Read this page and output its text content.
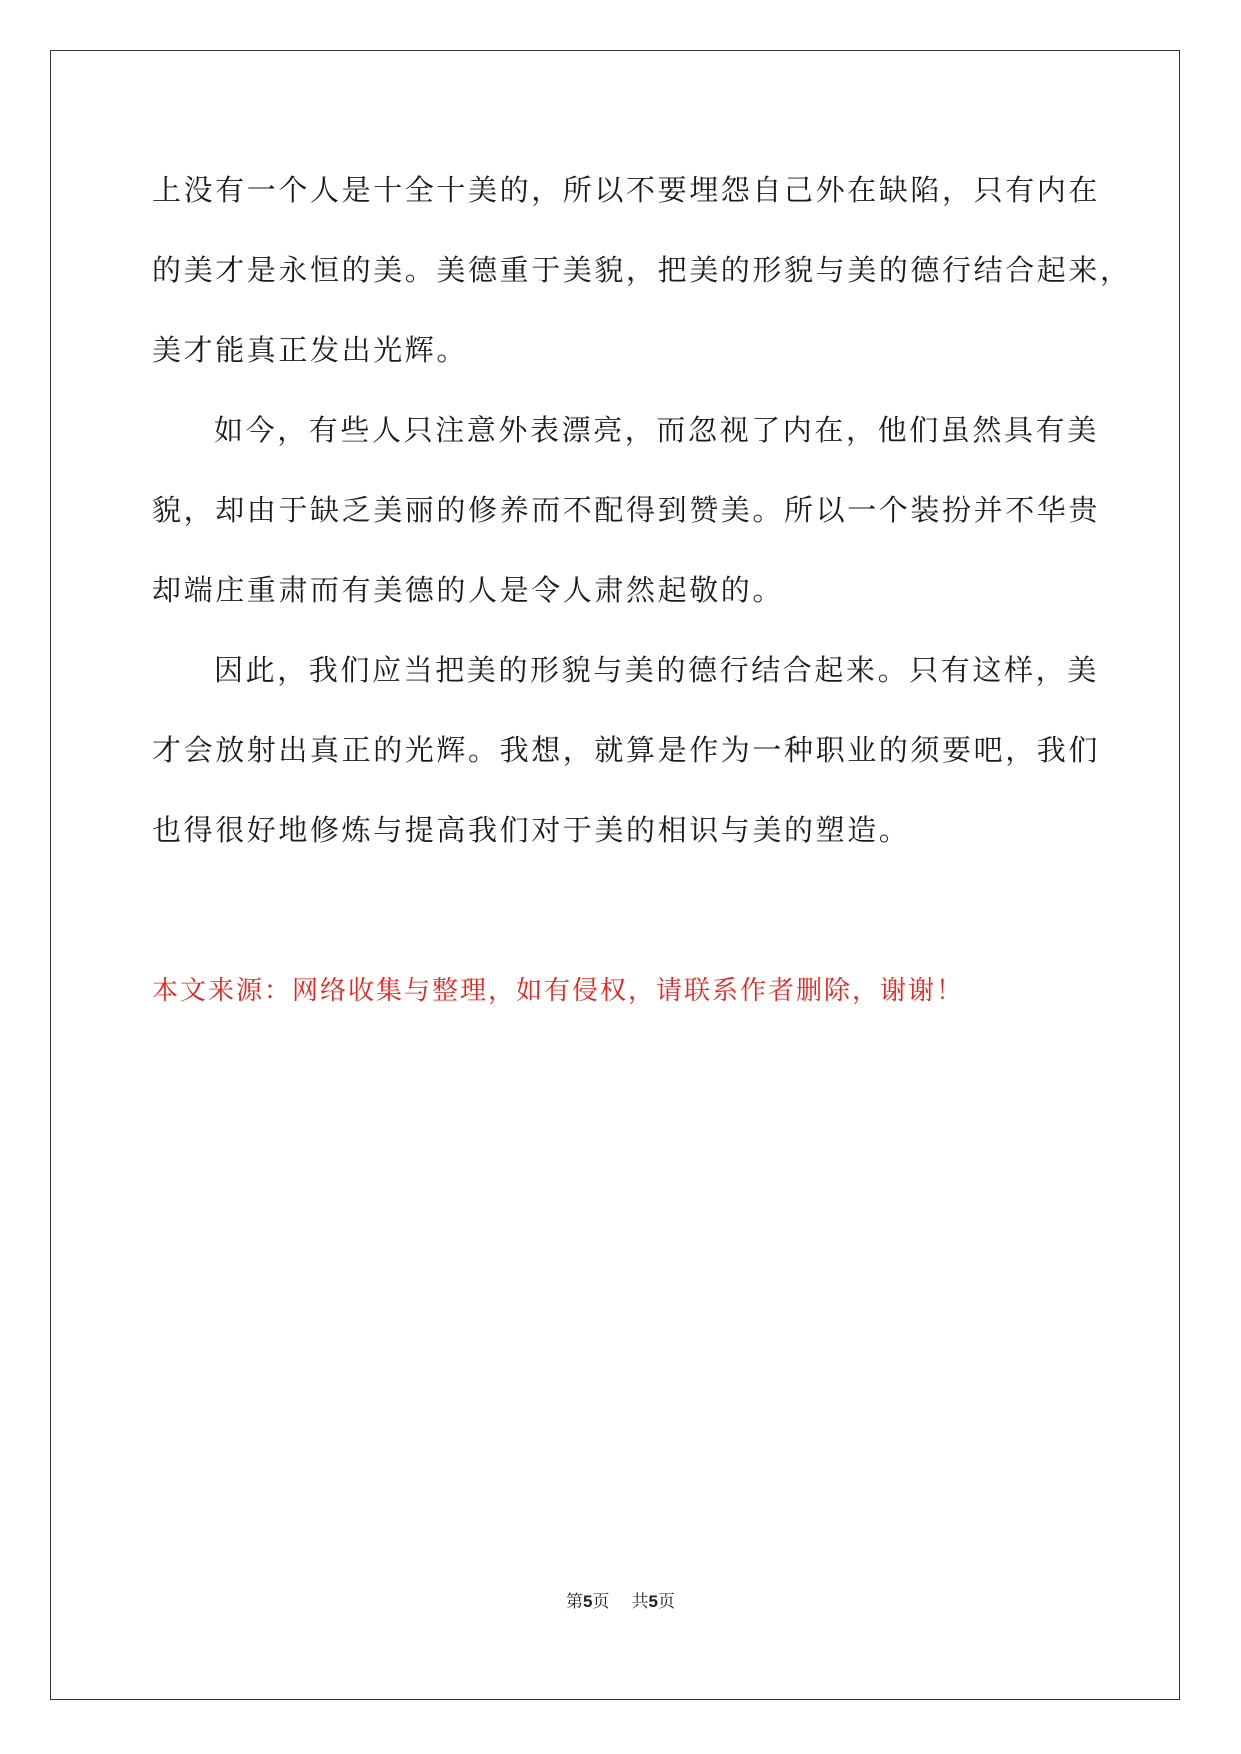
上没有一个人是十全十美的，所以不要埋怨自己外在缺陷，只有内在
的美才是永恒的美。美德重于美貌，把美的形貌与美的德行结合起来，
美才能真正发出光辉。
如今，有些人只注意外表漂亮，而忽视了内在，他们虽然具有美
貌，却由于缺乏美丽的修养而不配得到赞美。所以一个装扮并不华贵
却端庄重肃而有美德的人是令人肃然起敬的。
因此，我们应当把美的形貌与美的德行结合起来。只有这样，美
才会放射出真正的光辉。我想，就算是作为一种职业的须要吧，我们
也得很好地修炼与提高我们对于美的相识与美的塑造。
本文来源：网络收集与整理，如有侵权，请联系作者删除，谢谢！
第5页 共5页
